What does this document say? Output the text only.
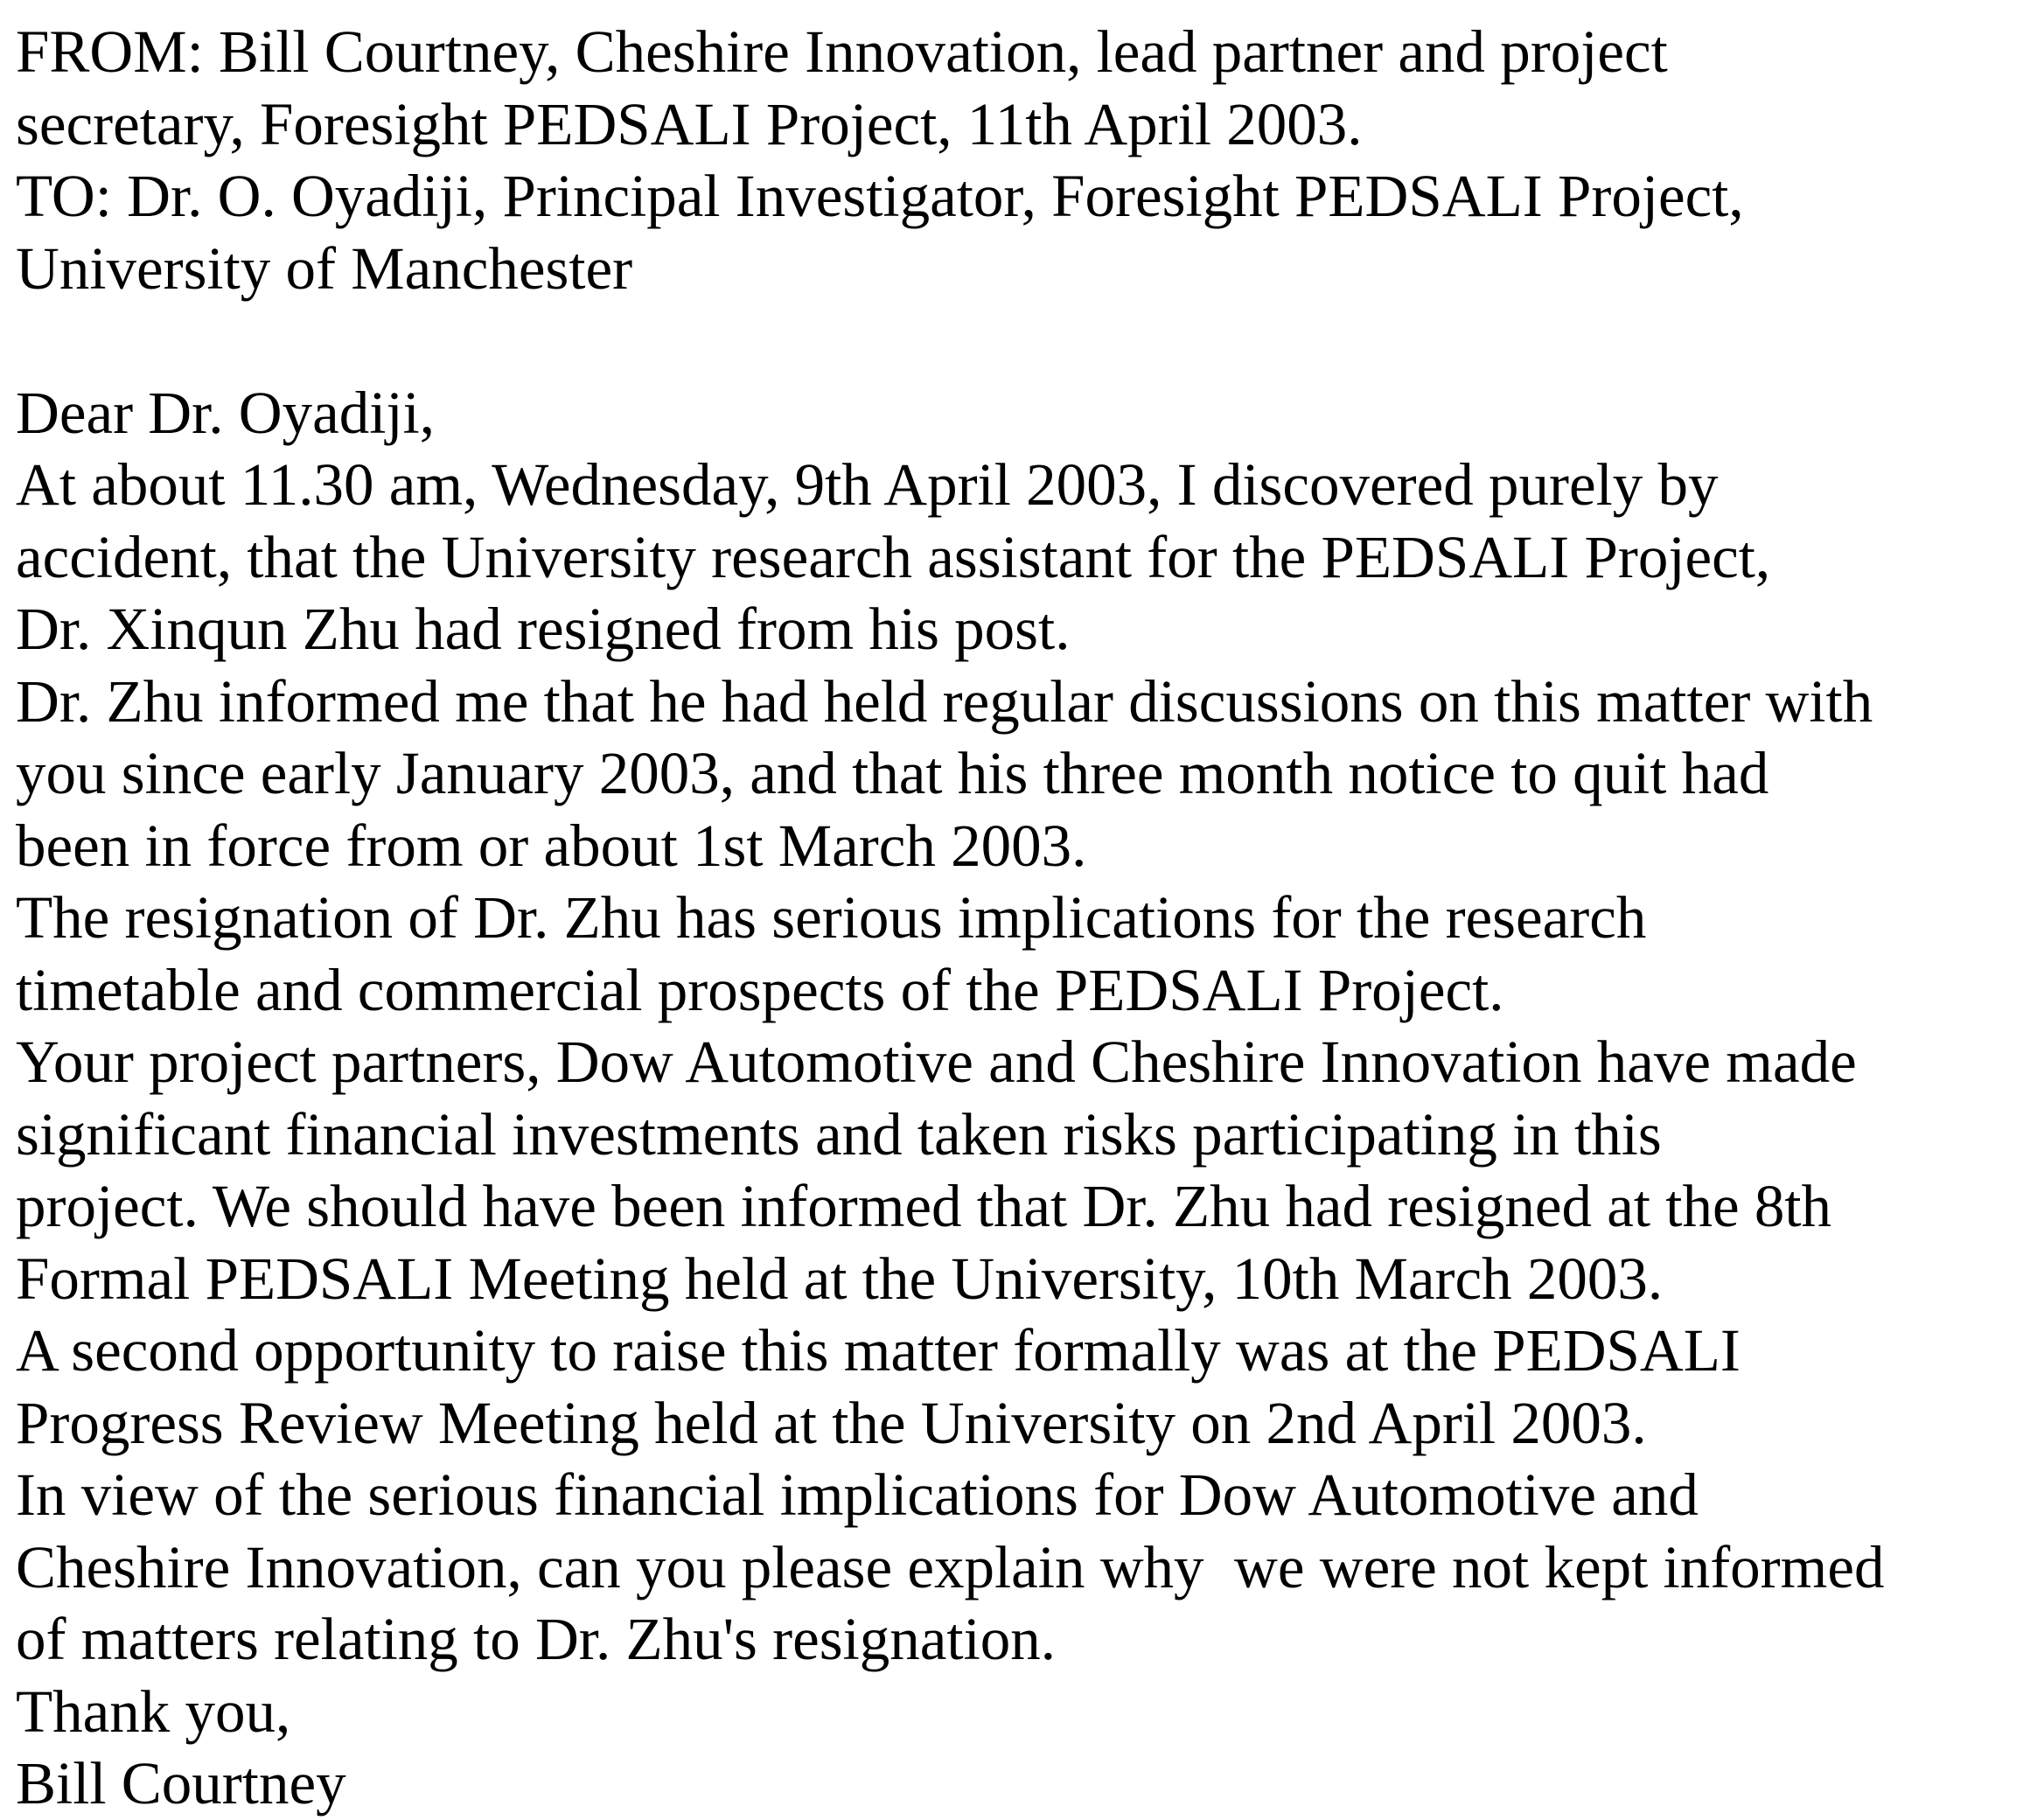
FROM: Bill Courtney, Cheshire Innovation, lead partner and project
secretary, Foresight PEDSALI Project, 11th April 2003.
TO: Dr. O. Oyadiji, Principal Investigator, Foresight PEDSALI Project,
University of Manchester
Dear Dr. Oyadiji,
At about 11.30 am, Wednesday, 9th April 2003, I discovered purely by
accident, that the University research assistant for the PEDSALI Project,
Dr. Xinqun Zhu had resigned from his post.
Dr. Zhu informed me that he had held regular discussions on this matter with
you since early January 2003, and that his three month notice to quit had
been in force from or about 1st March 2003.
The resignation of Dr. Zhu has serious implications for the research
timetable and commercial prospects of the PEDSALI Project.
Your project partners, Dow Automotive and Cheshire Innovation have made
significant financial investments and taken risks participating in this
project. We should have been informed that Dr. Zhu had resigned at the 8th
Formal PEDSALI Meeting held at the University, 10th March 2003.
A second opportunity to raise this matter formally was at the PEDSALI
Progress Review Meeting held at the University on 2nd April 2003.
In view of the serious financial implications for Dow Automotive and
Cheshire Innovation, can you please explain why  we were not kept informed
of matters relating to Dr. Zhu's resignation.
Thank you,
Bill Courtney
